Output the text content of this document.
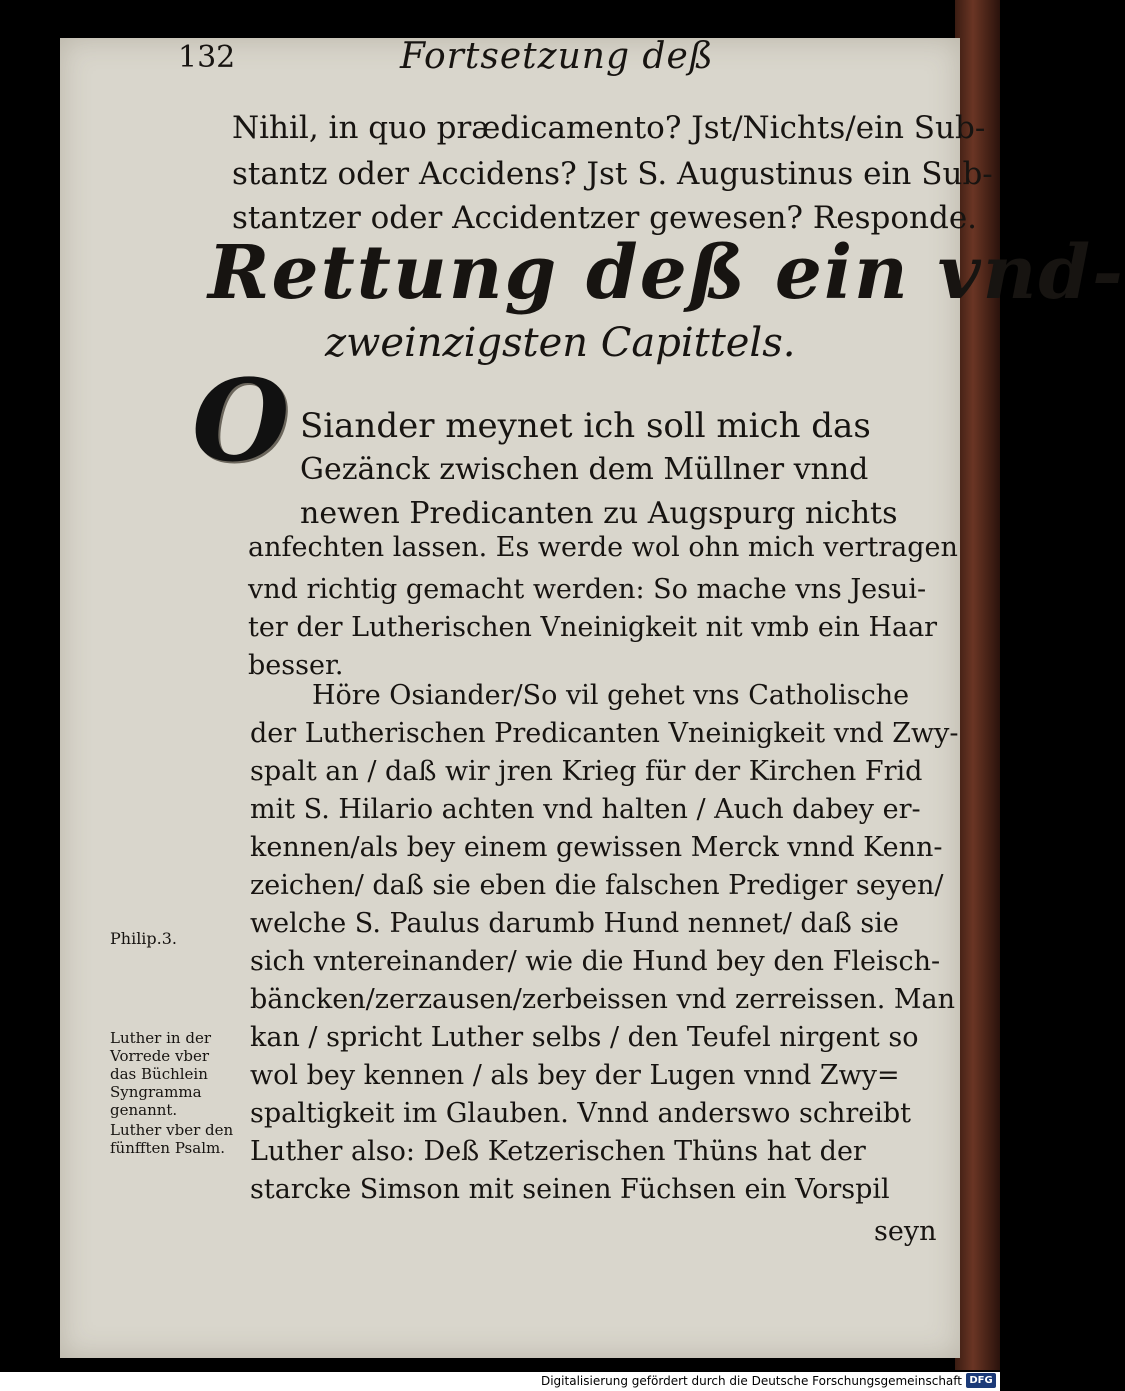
132	Fortsetzung deß
Nihil, in quo prædicamento? Jst/Nichts/ein Sub-
stantz oder Accidens? Jst S. Augustinus ein Sub-
stantzer oder Accidentzer gewesen? Responde.
Rettung deß ein vnd-
zweinzigsten Capittels.
O Siander meynet ich soll mich das
Gezänck zwischen dem Müllner vnnd
newen Predicanten zu Augspurg nichts
anfechten lassen. Es werde wol ohn mich vertragen
vnd richtig gemacht werden: So mache vns Jesui-
ter der Lutherischen Vneinigkeit nit vmb ein Haar
besser.
Höre Osiander/So vil gehet vns Catholische
der Lutherischen Predicanten Vneinigkeit vnd Zwy-
spalt an / daß wir jren Krieg für der Kirchen Frid
mit S. Hilario achten vnd halten / Auch dabey er-
kennen/als bey einem gewissen Merck vnnd Kenn-
zeichen/ daß sie eben die falschen Prediger seyen/
welche S. Paulus darumb Hund nennet/ daß sie
sich vntereinander/ wie die Hund bey den Fleisch-
bäncken/zerzausen/zerbeissen vnd zerreissen. Man
kan / spricht Luther selbs / den Teufel nirgent so
wol bey kennen / als bey der Lugen vnnd Zwy=
spaltigkeit im Glauben. Vnnd anderswo schreibt
Luther also: Deß Ketzerischen Thüns hat der
starcke Simson mit seinen Füchsen ein Vorspil
seyn
Philip.3.
Luther in der
Vorrede vber
das Büchlein
Syngramma
genannt.
Luther vber den
fünfften Psalm.
Digitalisierung gefördert durch die Deutsche Forschungsgemeinschaft DFG
